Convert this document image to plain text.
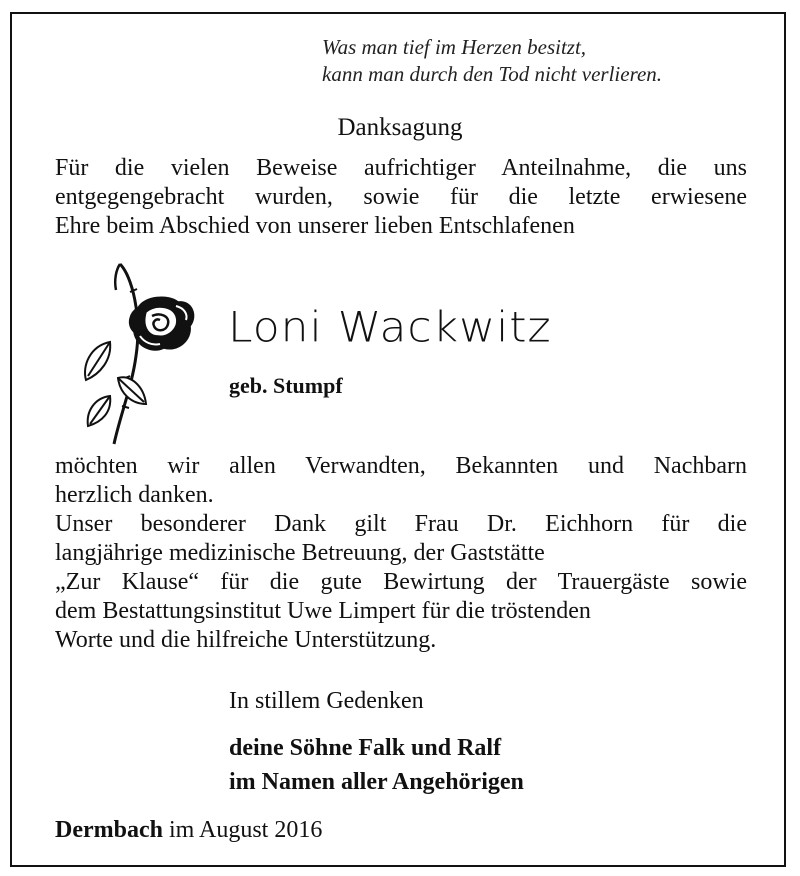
Was man tief im Herzen besitzt,
kann man durch den Tod nicht verlieren.
Danksagung
Für die vielen Beweise aufrichtiger Anteilnahme, die uns
entgegengebracht wurden, sowie für die letzte erwiesene
Ehre beim Abschied von unserer lieben Entschlafenen
Loni Wackwitz
geb. Stumpf
möchten wir allen Verwandten, Bekannten und Nachbarn
herzlich danken.
Unser besonderer Dank gilt Frau Dr. Eichhorn für die
langjährige medizinische Betreuung, der Gaststätte
„Zur Klause“ für die gute Bewirtung der Trauergäste sowie
dem Bestattungsinstitut Uwe Limpert für die tröstenden
Worte und die hilfreiche Unterstützung.
In stillem Gedenken
deine Söhne Falk und Ralf
im Namen aller Angehörigen
Dermbach im August 2016
